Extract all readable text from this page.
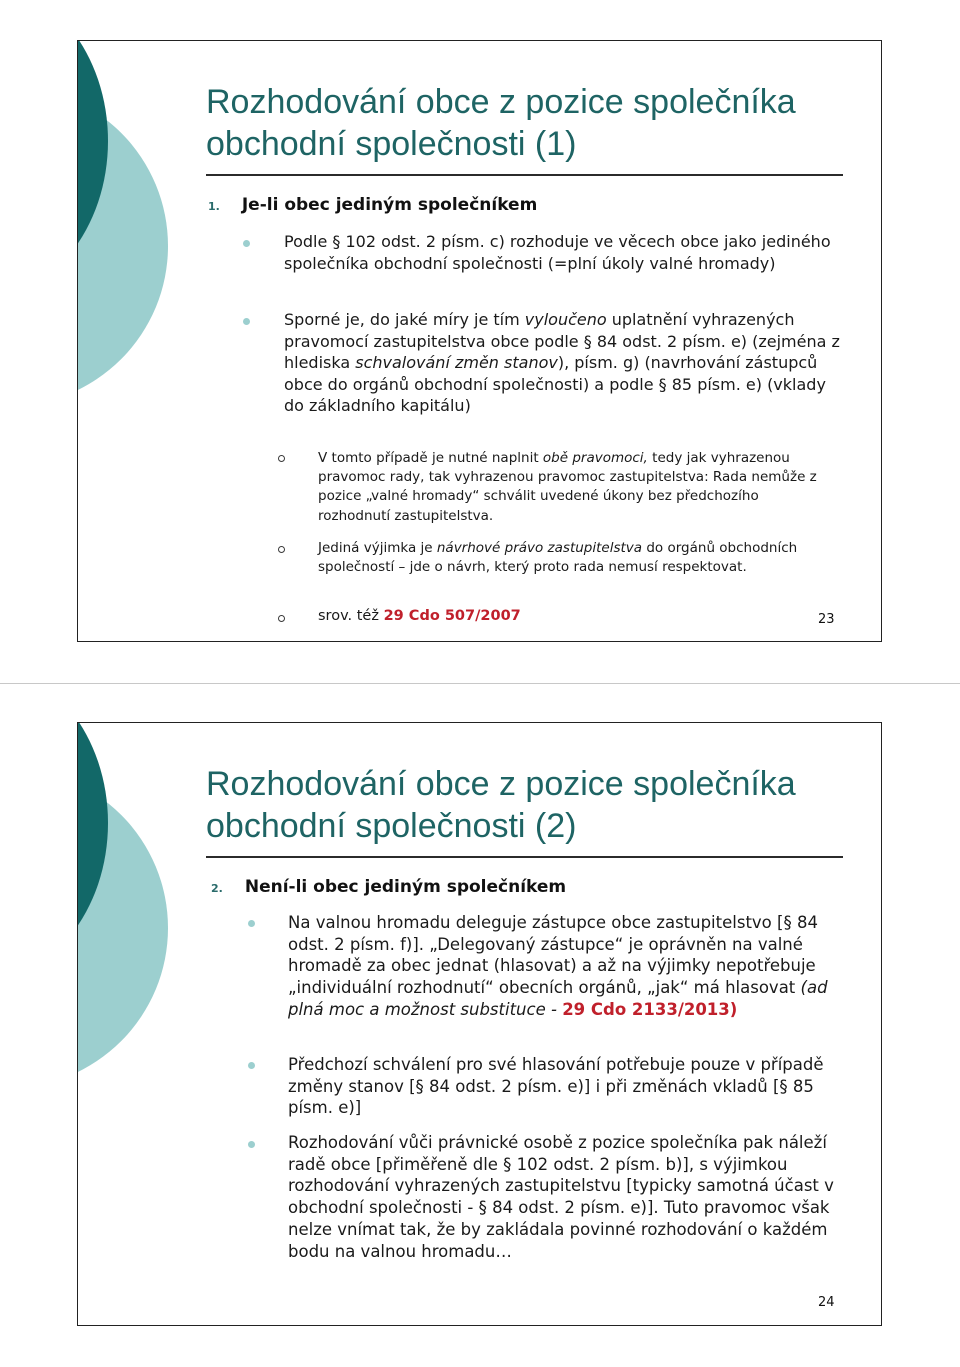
Rozhodování obce z pozice společníka
obchodní společnosti (1)
1. Je-li obec jediným společníkem
Podle § 102 odst. 2 písm. c) rozhoduje ve věcech obce jako jediného společníka obchodní společnosti (=plní úkoly valné hromady)
Sporné je, do jaké míry je tím vyloučeno uplatnění vyhrazených pravomocí zastupitelstva obce podle § 84 odst. 2 písm. e) (zejména z hlediska schvalování změn stanov), písm. g) (navrhování zástupců obce do orgánů obchodní společnosti) a podle § 85 písm. e) (vklady do základního kapitálu)
V tomto případě je nutné naplnit obě pravomoci, tedy jak vyhrazenou pravomoc rady, tak vyhrazenou pravomoc zastupitelstva: Rada nemůže z pozice „valné hromady“ schválit uvedené úkony bez předchozího rozhodnutí zastupitelstva.
Jediná výjimka je návrhové právo zastupitelstva do orgánů obchodních společností – jde o návrh, který proto rada nemusí respektovat.
srov. též 29 Cdo 507/2007	23
Rozhodování obce z pozice společníka
obchodní společnosti (2)
2. Není-li obec jediným společníkem
Na valnou hromadu deleguje zástupce obce zastupitelstvo [§ 84 odst. 2 písm. f)]. „Delegovaný zástupce“ je oprávněn na valné hromadě za obec jednat (hlasovat) a až na výjimky nepotřebuje „individuální rozhodnutí“ obecních orgánů, „jak“ má hlasovat (ad plná moc a možnost substituce - 29 Cdo 2133/2013)
Předchozí schválení pro své hlasování potřebuje pouze v případě změny stanov [§ 84 odst. 2 písm. e)] i při změnách vkladů [§ 85 písm. e)]
Rozhodování vůči právnické osobě z pozice společníka pak náleží radě obce [přiměřeně dle § 102 odst. 2 písm. b)], s výjimkou rozhodování vyhrazených zastupitelstvu [typicky samotná účast v obchodní společnosti - § 84 odst. 2 písm. e)]. Tuto pravomoc však nelze vnímat tak, že by zakládala povinné rozhodování o každém bodu na valnou hromadu…
24
